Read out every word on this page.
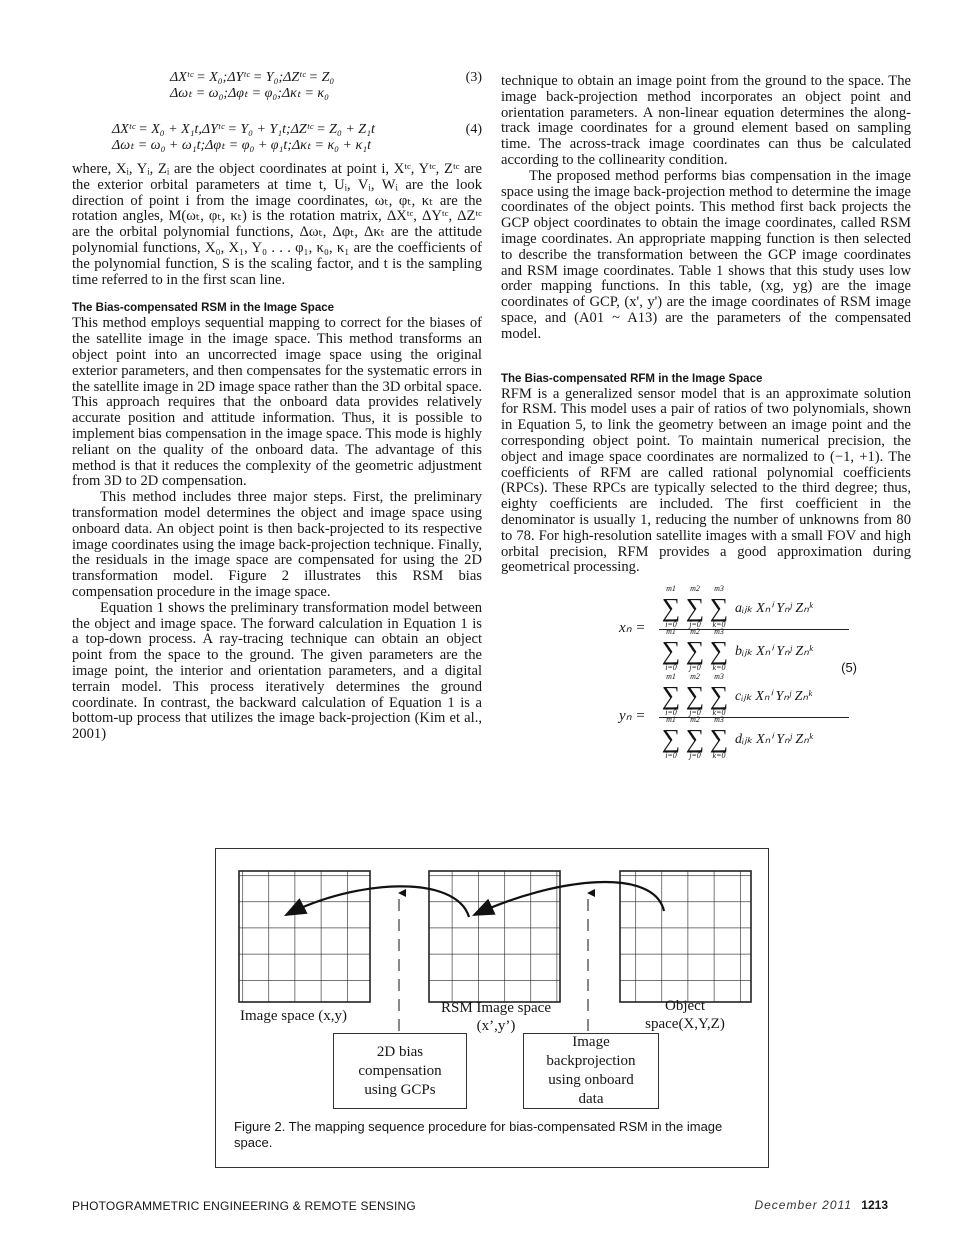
ΔXᵗᶜ = X₀;ΔYᵗᶜ = Y₀;ΔZᵗᶜ = Z₀
Δωₜ = ω₀;Δφₜ = φ₀;Δκₜ = κ₀
(3)
ΔXᵗᶜ = X₀ + X₁t,ΔYᵗᶜ = Y₀ + Y₁t;ΔZᵗᶜ = Z₀ + Z₁t
Δωₜ = ω₀ + ω₁t;Δφₜ = φ₀ + φ₁t;Δκₜ = κ₀ + κ₁t
(4)

where, Xᵢ, Yᵢ, Zᵢ are the object coordinates at point i, Xᵗᶜ, Yᵗᶜ, Zᵗᶜ are the exterior orbital parameters at time t, Uᵢ, Vᵢ, Wᵢ are the look direction of point i from the image coordinates, ωₜ, φₜ, κₜ are the rotation angles, M(ωₜ, φₜ, κₜ) is the rotation matrix, ΔXᵗᶜ, ΔYᵗᶜ, ΔZᵗᶜ are the orbital polynomial functions, Δωₜ, Δφₜ, Δκₜ are the attitude polynomial functions, X₀, X₁, Y₀ . . . φ₁, κ₀, κ₁ are the coefficients of the polynomial function, S is the scaling factor, and t is the sampling time referred to in the first scan line.

The Bias-compensated RSM in the Image Space

This method employs sequential mapping to correct for the biases of the satellite image in the image space. This method transforms an object point into an uncorrected image space using the original exterior parameters, and then compensates for the systematic errors in the satellite image in 2D image space rather than the 3D orbital space. This approach requires that the onboard data provides relatively accurate position and attitude information. Thus, it is possible to implement bias compensation in the image space. This mode is highly reliant on the quality of the onboard data. The advantage of this method is that it reduces the complexity of the geometric adjustment from 3D to 2D compensation.

This method includes three major steps. First, the preliminary transformation model determines the object and image space using onboard data. An object point is then back-projected to its respective image coordinates using the image back-projection technique. Finally, the residuals in the image space are compensated for using the 2D transformation model. Figure 2 illustrates this RSM bias compensation procedure in the image space.

Equation 1 shows the preliminary transformation model between the object and image space. The forward calculation in Equation 1 is a top-down process. A ray-tracing technique can obtain an object point from the space to the ground. The given parameters are the image point, the interior and orientation parameters, and a digital terrain model. This process iteratively determines the ground coordinate. In contrast, the backward calculation of Equation 1 is a bottom-up process that utilizes the image back-projection (Kim et al., 2001)

technique to obtain an image point from the ground to the space. The image back-projection method incorporates an object point and orientation parameters. A non-linear equation determines the along-track image coordinates for a ground element based on sampling time. The across-track image coordinates can thus be calculated according to the collinearity condition.

The proposed method performs bias compensation in the image space using the image back-projection method to determine the image coordinates of the object points. This method first back projects the GCP object coordinates to obtain the image coordinates, called RSM image coordinates. An appropriate mapping function is then selected to describe the transformation between the GCP image coordinates and RSM image coordinates. Table 1 shows that this study uses low order mapping functions. In this table, (xg, yg) are the image coordinates of GCP, (x', y') are the image coordinates of RSM image space, and (A01 ~ A13) are the parameters of the compensated model.

The Bias-compensated RFM in the Image Space

RFM is a generalized sensor model that is an approximate solution for RSM. This model uses a pair of ratios of two polynomials, shown in Equation 5, to link the geometry between an image point and the corresponding object point. To maintain numerical precision, the object and image space coordinates are normalized to (−1, +1). The coefficients of RFM are called rational polynomial coefficients (RPCs). These RPCs are typically selected to the third degree; thus, eighty coefficients are included. The first coefficient in the denominator is usually 1, reducing the number of unknowns from 80 to 78. For high-resolution satellite images with a small FOV and high orbital precision, RFM provides a good approximation during geometrical processing.

xₙ =
yₙ =
∑
m1
i=0
∑
m2
j=0
∑
m3
k=0
aᵢⱼₖ Xₙⁱ Yₙʲ Zₙᵏ
∑
m1
i=0
∑
m2
j=0
∑
m3
k=0
bᵢⱼₖ Xₙⁱ Yₙʲ Zₙᵏ
∑
m1
i=0
∑
m2
j=0
∑
m3
k=0
cᵢⱼₖ Xₙⁱ Yₙʲ Zₙᵏ
∑
m1
i=0
∑
m2
j=0
∑
m3
k=0
dᵢⱼₖ Xₙⁱ Yₙʲ Zₙᵏ
(5)
Image space (x,y)	RSM Image space
(x’,y’)
Object
space(X,Y,Z)
2D bias
compensation
using GCPs
Image
backprojection
using onboard
data
Figure 2. The mapping sequence procedure for bias-compensated RSM in the image space.
PHOTOGRAMMETRIC ENGINEERING & REMOTE SENSING	December 2011 1213
